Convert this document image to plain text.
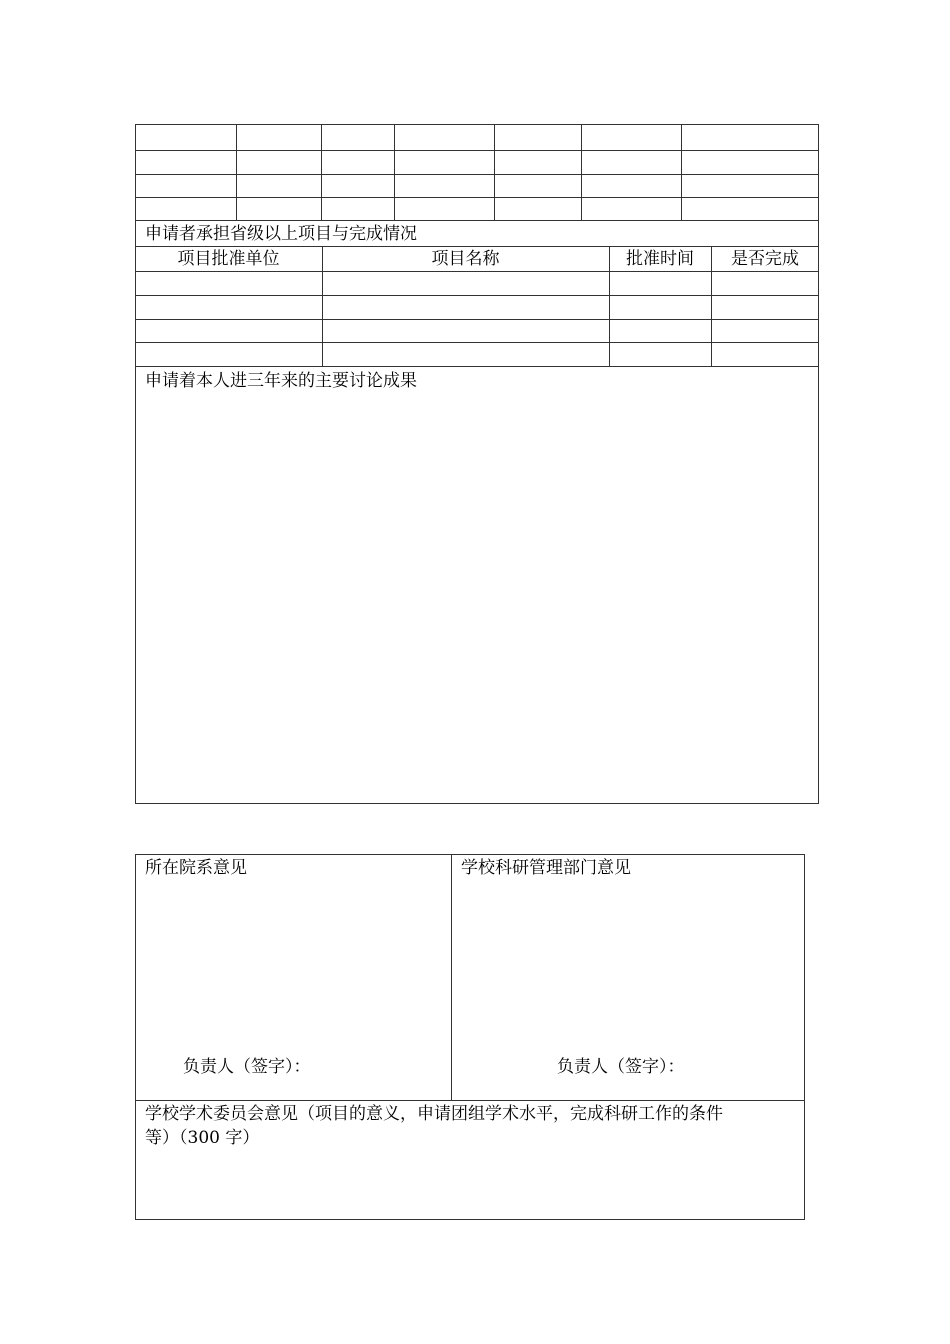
申请者承担省级以上项目与完成情况
项目批准单位	项目名称	批准时间	是否完成
申请着本人进三年来的主要讨论成果
所在院系意见	学校科研管理部门意见
负责人（签字）：	负责人（签字）：
学校学术委员会意见（项目的意义，申请团组学术水平，完成科研工作的条件
等）（300 字）
